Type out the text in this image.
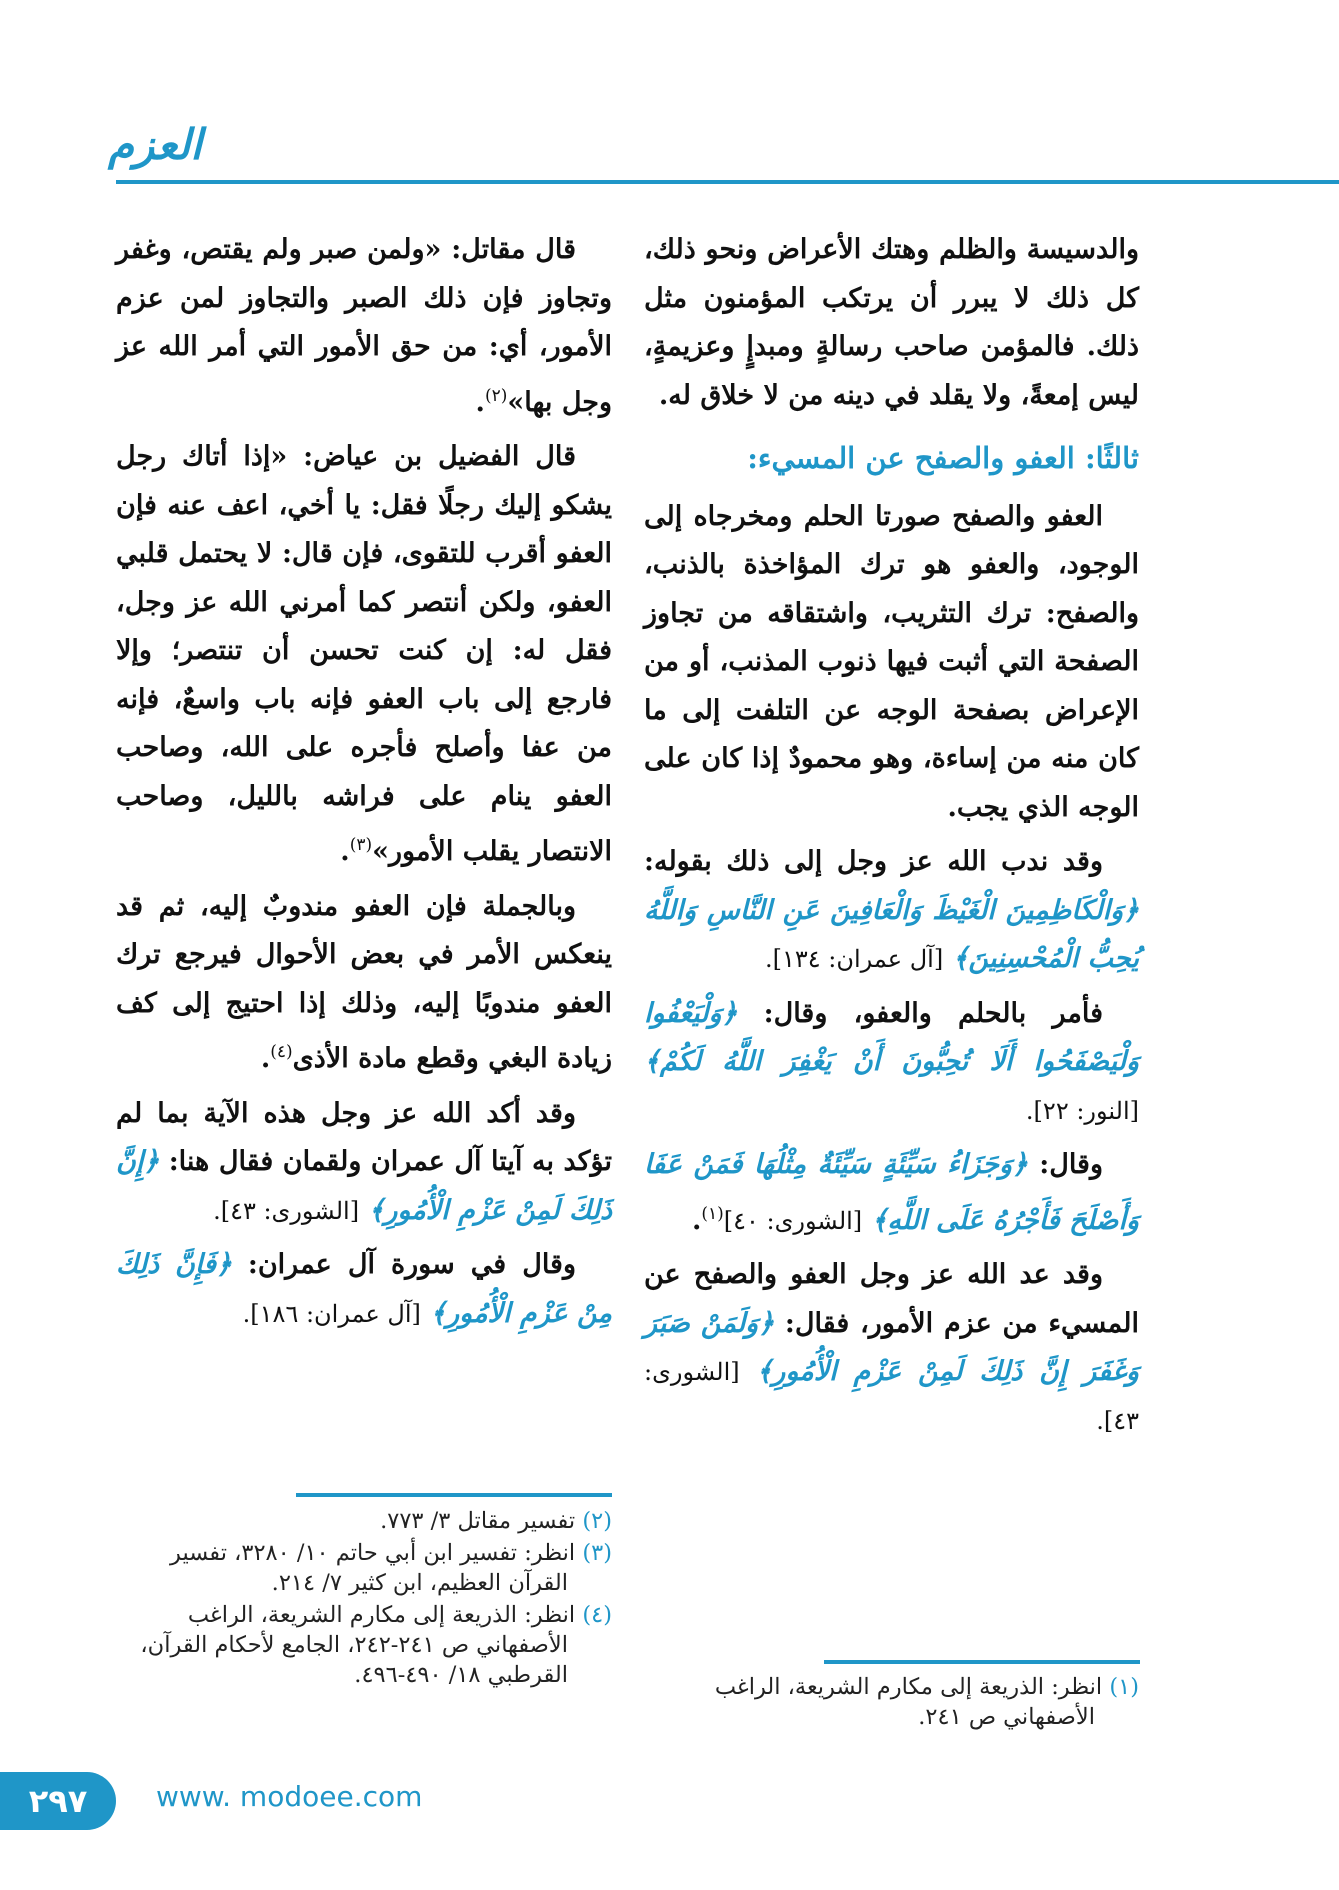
العزم

والدسيسة والظلم وهتك الأعراض ونحو ذلك، كل ذلك لا يبرر أن يرتكب المؤمنون مثل ذلك. فالمؤمن صاحب رسالةٍ ومبدإٍ وعزيمةٍ، ليس إمعةً، ولا يقلد في دينه من لا خلاق له.

ثالثًا: العفو والصفح عن المسيء:

العفو والصفح صورتا الحلم ومخرجاه إلى الوجود، والعفو هو ترك المؤاخذة بالذنب، والصفح: ترك التثريب، واشتقاقه من تجاوز الصفحة التي أثبت فيها ذنوب المذنب، أو من الإعراض بصفحة الوجه عن التلفت إلى ما كان منه من إساءة، وهو محمودٌ إذا كان على الوجه الذي يجب.

وقد ندب الله عز وجل إلى ذلك بقوله: ﴿وَالْكَاظِمِينَ الْغَيْظَ وَالْعَافِينَ عَنِ النَّاسِ وَاللَّهُ يُحِبُّ الْمُحْسِنِينَ﴾ [آل عمران: ١٣٤].

فأمر بالحلم والعفو، وقال: ﴿وَلْيَعْفُوا وَلْيَصْفَحُوا أَلَا تُحِبُّونَ أَنْ يَغْفِرَ اللَّهُ لَكُمْ﴾ [النور: ٢٢].

وقال: ﴿وَجَزَاءُ سَيِّئَةٍ سَيِّئَةٌ مِثْلُهَا فَمَنْ عَفَا وَأَصْلَحَ فَأَجْرُهُ عَلَى اللَّهِ﴾ [الشورى: ٤٠]$^{(١)}$.

وقد عد الله عز وجل العفو والصفح عن المسيء من عزم الأمور، فقال: ﴿وَلَمَنْ صَبَرَ وَغَفَرَ إِنَّ ذَلِكَ لَمِنْ عَزْمِ الْأُمُورِ﴾ [الشورى: ٤٣].

قال مقاتل: «ولمن صبر ولم يقتص، وغفر وتجاوز فإن ذلك الصبر والتجاوز لمن عزم الأمور، أي: من حق الأمور التي أمر الله عز وجل بها»$^{(٢)}$.

قال الفضيل بن عياض: «إذا أتاك رجل يشكو إليك رجلًا فقل: يا أخي، اعف عنه فإن العفو أقرب للتقوى، فإن قال: لا يحتمل قلبي العفو، ولكن أنتصر كما أمرني الله عز وجل، فقل له: إن كنت تحسن أن تنتصر؛ وإلا فارجع إلى باب العفو فإنه باب واسعٌ، فإنه من عفا وأصلح فأجره على الله، وصاحب العفو ينام على فراشه بالليل، وصاحب الانتصار يقلب الأمور»$^{(٣)}$.

وبالجملة فإن العفو مندوبٌ إليه، ثم قد ينعكس الأمر في بعض الأحوال فيرجع ترك العفو مندوبًا إليه، وذلك إذا احتيج إلى كف زيادة البغي وقطع مادة الأذى$^{(٤)}$.

وقد أكد الله عز وجل هذه الآية بما لم تؤكد به آيتا آل عمران ولقمان فقال هنا: ﴿إِنَّ ذَلِكَ لَمِنْ عَزْمِ الْأُمُورِ﴾ [الشورى: ٤٣].

وقال في سورة آل عمران: ﴿فَإِنَّ ذَلِكَ مِنْ عَزْمِ الْأُمُورِ﴾ [آل عمران: ١٨٦].

(٢) تفسير مقاتل ٣/ ٧٧٣.
(٣) انظر: تفسير ابن أبي حاتم ١٠/ ٣٢٨٠، تفسير القرآن العظيم، ابن كثير ٧/ ٢١٤.
(٤) انظر: الذريعة إلى مكارم الشريعة، الراغب الأصفهاني ص ٢٤١-٢٤٢، الجامع لأحكام القرآن، القرطبي ١٨/ ٤٩٠-٤٩٦.	(١) انظر: الذريعة إلى مكارم الشريعة، الراغب الأصفهاني ص ٢٤١.
٢٩٧	www. modoee.com
